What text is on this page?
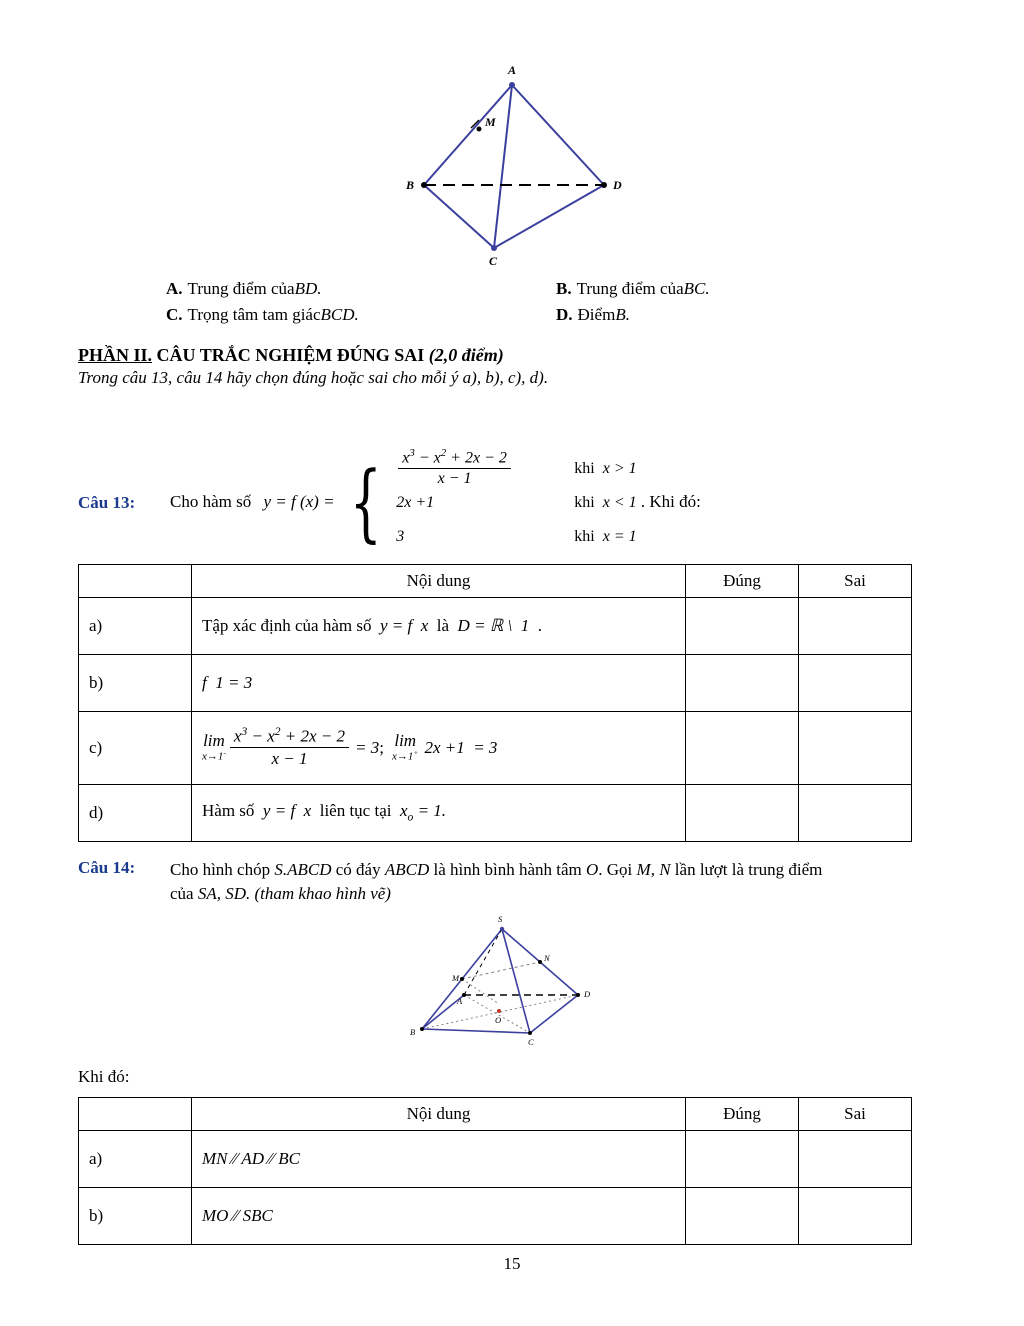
A
M
B	D
C
A. Trung điểm của BD.	B. Trung điểm của BC.
C. Trọng tâm tam giác BCD.	D. Điểm B.
PHẦN II. CÂU TRẮC NGHIỆM ĐÚNG SAI (2,0 điểm)
Trong câu 13, câu 14 hãy chọn đúng hoặc sai cho mỗi ý a), b), c), d).
Câu 13:	Cho hàm số y = f (x) = { $\frac{x^3 - x^2 + 2x - 2}{x - 1}$	khi  x > 1
2x +1	khi  x < 1
3	khi  x = 1
. Khi đó:
	Nội dung	Đúng	Sai
a)	Tập xác định của hàm số  y = f  x  là  D = ℝ \  1  .		
b)	f  1 = 3		
c)	lim
$x\to 1^- \frac{x^3 - x^2 + 2x - 2}{x - 1} = 3$ ; lim
x→1+ 2x +1  = 3

d)	Hàm số  y = f  x  liên tục tại  $x_o = 1$.		
Câu 14:	Cho hình chóp S.ABCD có đáy ABCD là hình bình hành tâm O. Gọi M, N lần lượt là trung điểm
của SA, SD. (tham khao hình vẽ)
S
M
N
A
D
B
C
O
Khi đó:
	Nội dung	Đúng	Sai
a)	MN ∕∕ AD ∕∕ BC		
b)	MO ∕∕ SBC		
15
